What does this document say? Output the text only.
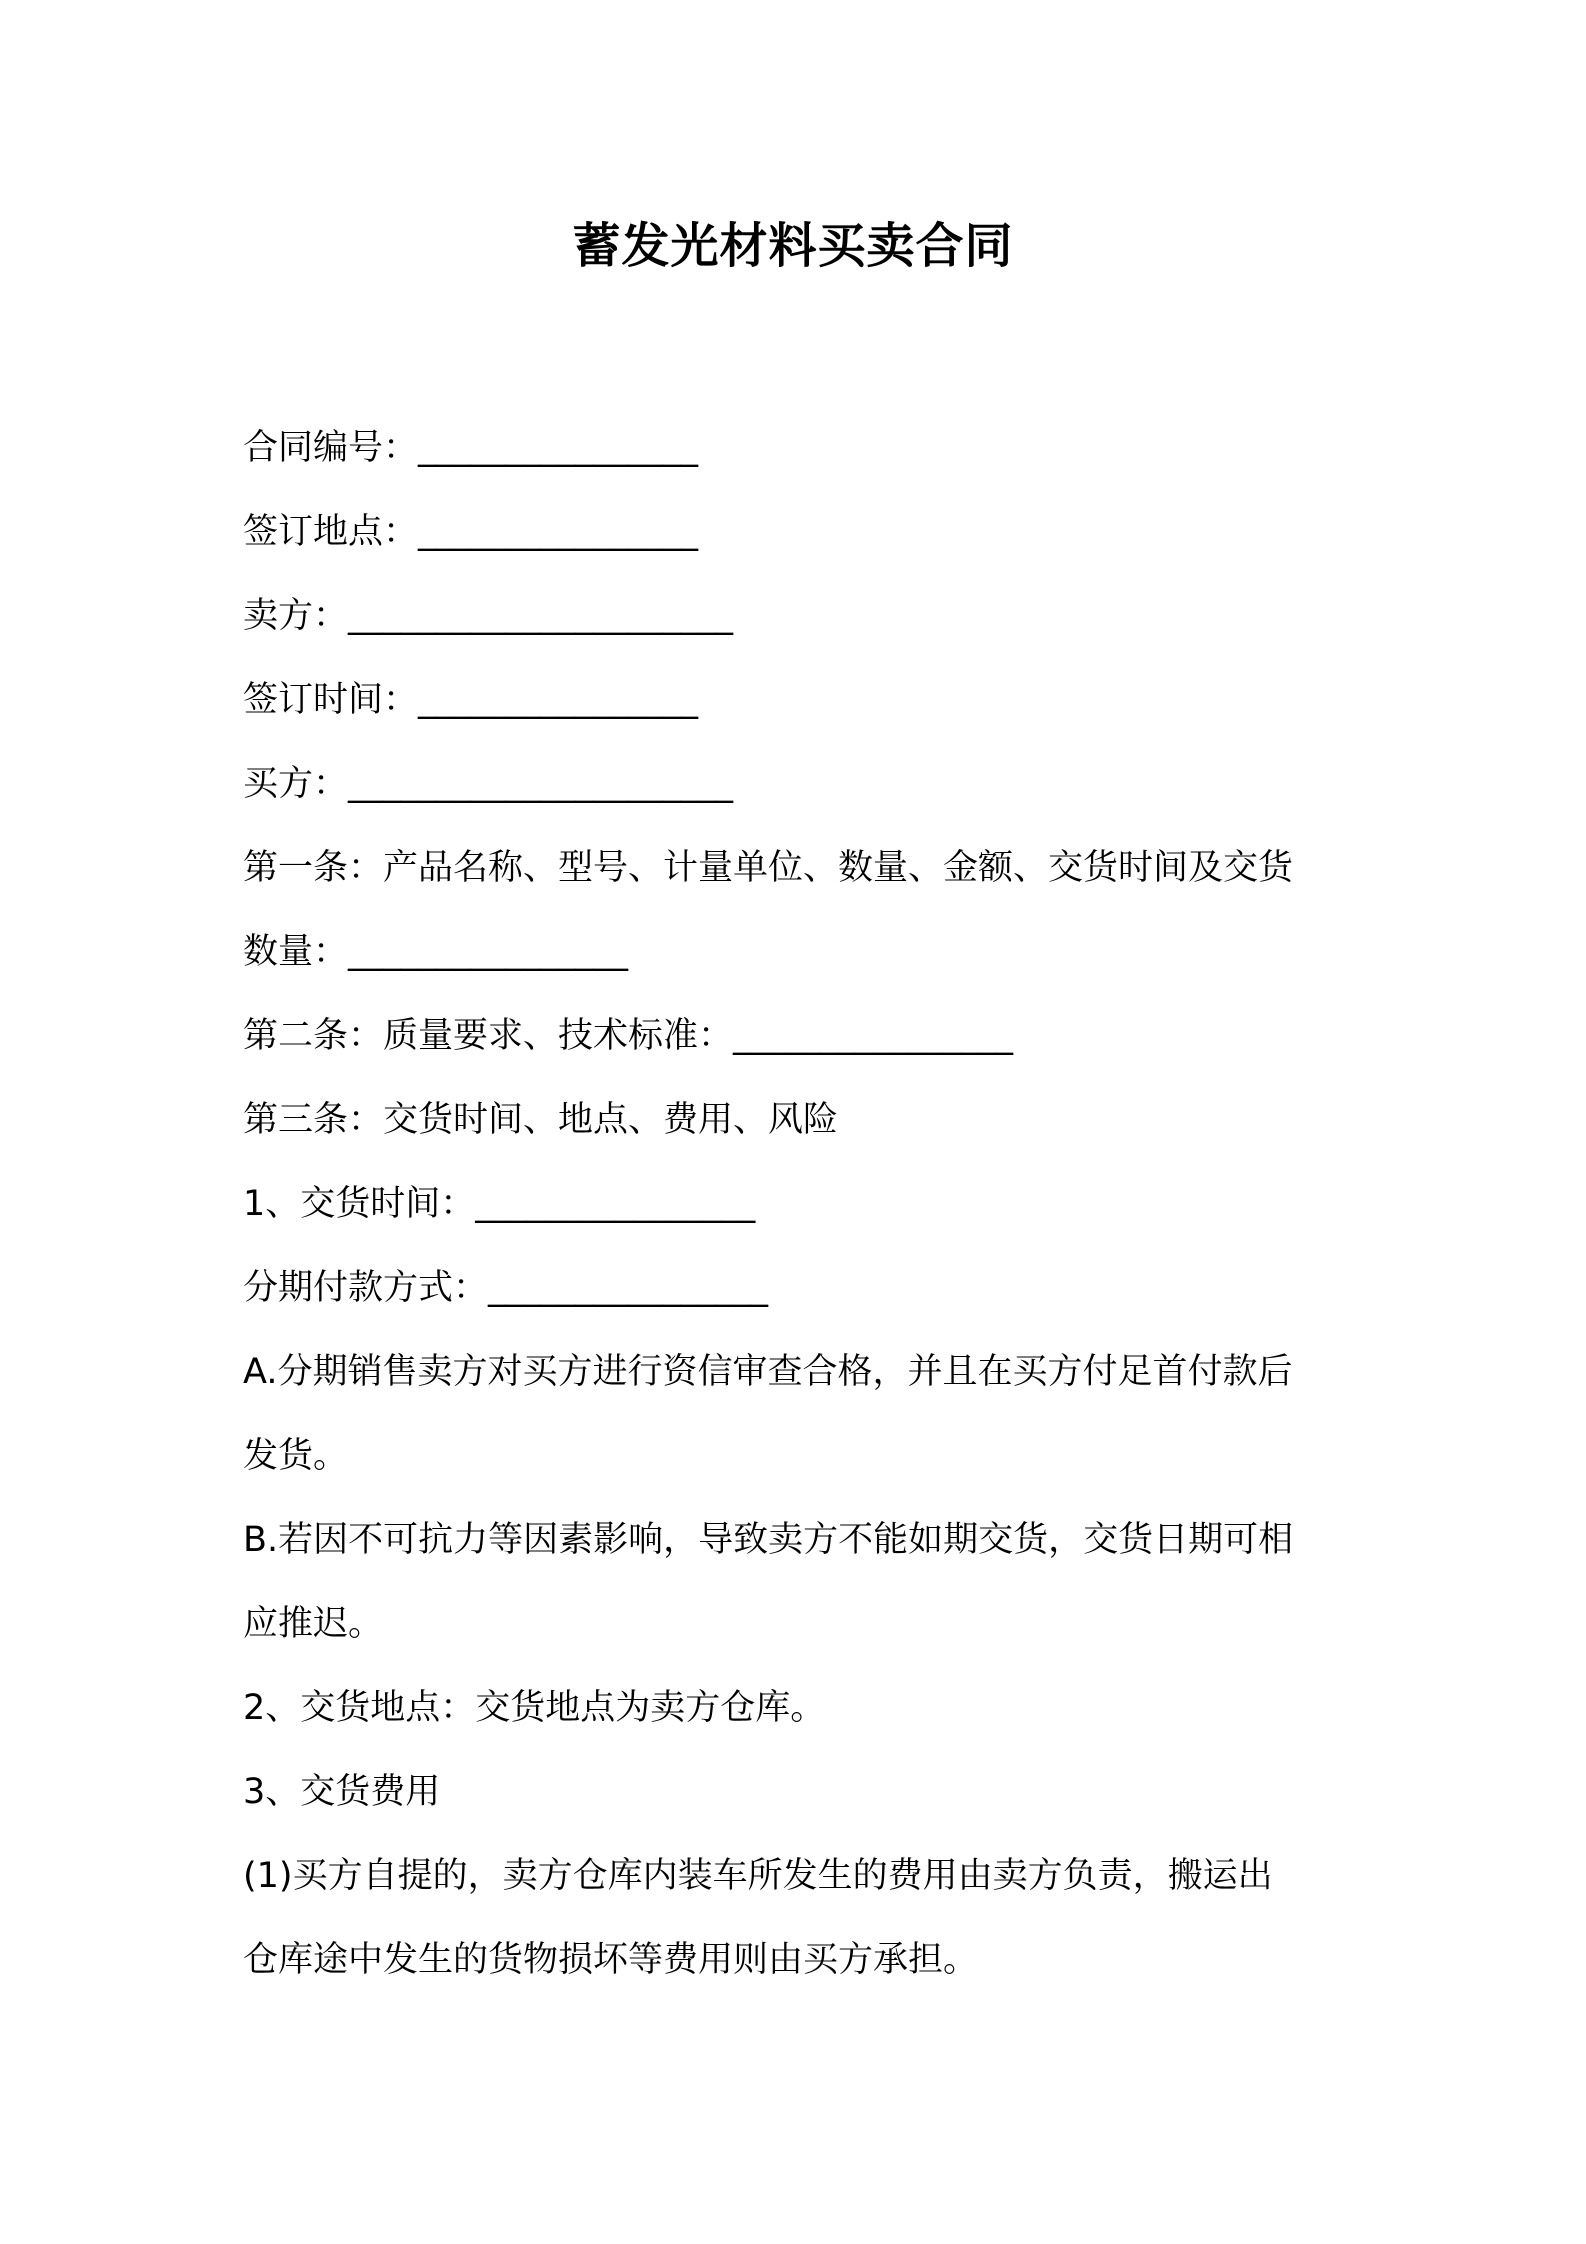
蓄发光材料买卖合同
合同编号：________________
签订地点：________________
卖方：______________________
签订时间：________________
买方：______________________
第一条：产品名称、型号、计量单位、数量、金额、交货时间及交货
数量：________________
第二条：质量要求、技术标准：________________
第三条：交货时间、地点、费用、风险
1、交货时间：________________
分期付款方式：________________
A.分期销售卖方对买方进行资信审查合格，并且在买方付足首付款后
发货。
B.若因不可抗力等因素影响，导致卖方不能如期交货，交货日期可相
应推迟。
2、交货地点：交货地点为卖方仓库。
3、交货费用
(1)买方自提的，卖方仓库内装车所发生的费用由卖方负责，搬运出
仓库途中发生的货物损坏等费用则由买方承担。
